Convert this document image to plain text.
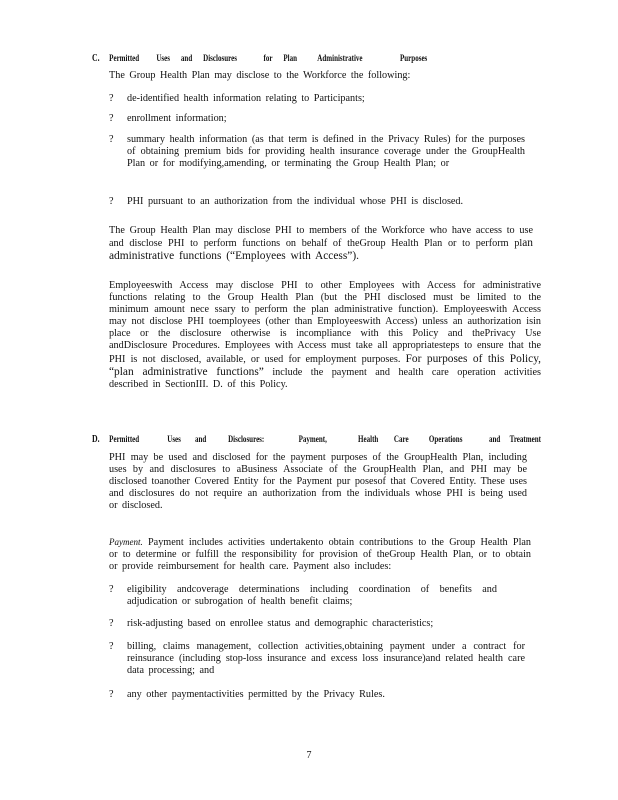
C.	Permitted Uses and Disclosures	for Plan Administrative	Purposes
The Group Health Plan may disclose to the Workforce the following:
? de-identified health information relating to Participants;
? enrollment information;
? summary health information (as that term is defined in the Privacy Rules) for the purposes of obtaining premium bids for providing health insurance coverage under the GroupHealth Plan or for modifying,amending, or terminating the Group Health Plan; or
? PHI pursuant to an authorization from the individual whose PHI is disclosed.
The Group Health Plan may disclose PHI to members of the Workforce who have access to use and disclose PHI to perform functions on behalf of theGroup Health Plan or to perform plan administrative functions (“Employees with Access”).
Employeeswith Access may disclose PHI to other Employees with Access for administrative functions relating to the Group Health Plan (but the PHI disclosed must be limited to the minimum amount nece ssary to perform the plan administrative function). Employeeswith Access may not disclose PHI toemployees (other than Employeeswith Access) unless an authorization isin place or the disclosure otherwise is incompliance with this Policy and thePrivacy Use andDisclosure Procedures. Employees with Access must take all appropriatesteps to ensure that the PHI is not disclosed, available, or used for employment purposes. For purposes of this Policy, “plan administrative functions” include the payment and health care operation activities described in SectionIII. D. of this Policy.
D.	Permitted	Uses and Disclosures:	Payment,	Health Care Operations	and Treatment
PHI may be used and disclosed for the payment purposes of the GroupHealth Plan, including uses by and disclosures to aBusiness Associate of the GroupHealth Plan, and PHI may be disclosed toanother Covered Entity for the Payment pur posesof that Covered Entity. These uses and disclosures do not require an authorization from the individuals whose PHI is being used or disclosed.
Payment. Payment includes activities undertakento obtain contributions to the Group Health Plan or to determine or fulfill the responsibility for provision of theGroup Health Plan, or to obtain or provide reimbursement for health care. Payment also includes:
? eligibility andcoverage determinations including coordination of benefits and adjudication or subrogation of health benefit claims;
? risk-adjusting based on enrollee status and demographic characteristics;
? billing, claims management, collection activities,obtaining payment under a contract for reinsurance (including stop-loss insurance and excess loss insurance)and related health care data processing; and
? any other paymentactivities permitted by the Privacy Rules.
7
